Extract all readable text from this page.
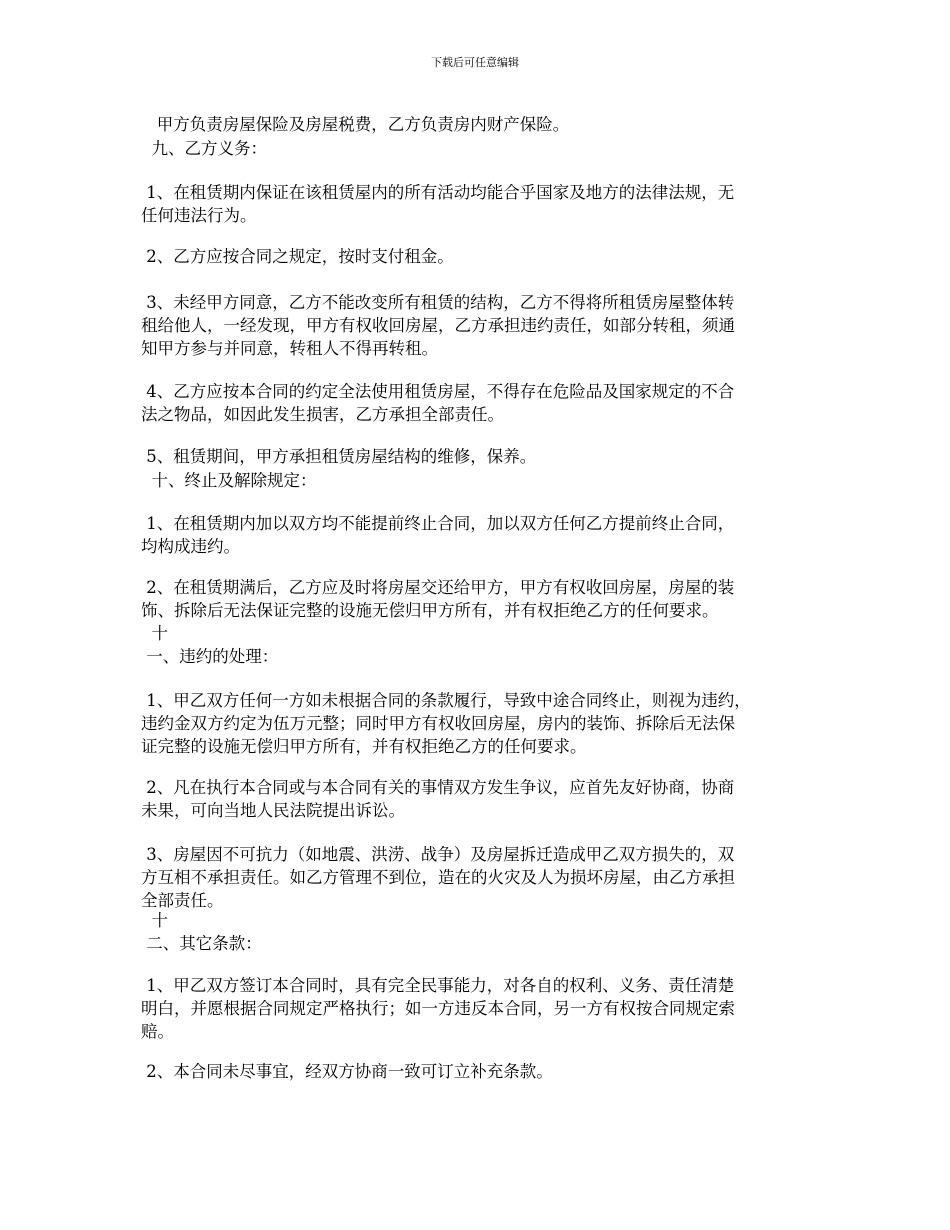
下载后可任意编辑
甲方负责房屋保险及房屋税费，乙方负责房内财产保险。
九、乙方义务：
1、在租赁期内保证在该租赁屋内的所有活动均能合乎国家及地方的法律法规，无
任何违法行为。
2、乙方应按合同之规定，按时支付租金。
3、未经甲方同意，乙方不能改变所有租赁的结构，乙方不得将所租赁房屋整体转
租给他人，一经发现，甲方有权收回房屋，乙方承担违约责任，如部分转租，须通
知甲方参与并同意，转租人不得再转租。
4、乙方应按本合同的约定全法使用租赁房屋，不得存在危险品及国家规定的不合
法之物品，如因此发生损害，乙方承担全部责任。
5、租赁期间，甲方承担租赁房屋结构的维修，保养。
十、终止及解除规定：
1、在租赁期内加以双方均不能提前终止合同，加以双方任何乙方提前终止合同，
均构成违约。
2、在租赁期满后，乙方应及时将房屋交还给甲方，甲方有权收回房屋，房屋的装
饰、拆除后无法保证完整的设施无偿归甲方所有，并有权拒绝乙方的任何要求。
十
一、违约的处理：
1、甲乙双方任何一方如未根据合同的条款履行，导致中途合同终止，则视为违约，
违约金双方约定为伍万元整；同时甲方有权收回房屋，房内的装饰、拆除后无法保
证完整的设施无偿归甲方所有，并有权拒绝乙方的任何要求。
2、凡在执行本合同或与本合同有关的事情双方发生争议，应首先友好协商，协商
未果，可向当地人民法院提出诉讼。
3、房屋因不可抗力（如地震、洪涝、战争）及房屋拆迁造成甲乙双方损失的，双
方互相不承担责任。如乙方管理不到位，造在的火灾及人为损坏房屋，由乙方承担
全部责任。
十
二、其它条款：
1、甲乙双方签订本合同时，具有完全民事能力，对各自的权利、义务、责任清楚
明白，并愿根据合同规定严格执行；如一方违反本合同，另一方有权按合同规定索
赔。
2、本合同未尽事宜，经双方协商一致可订立补充条款。
